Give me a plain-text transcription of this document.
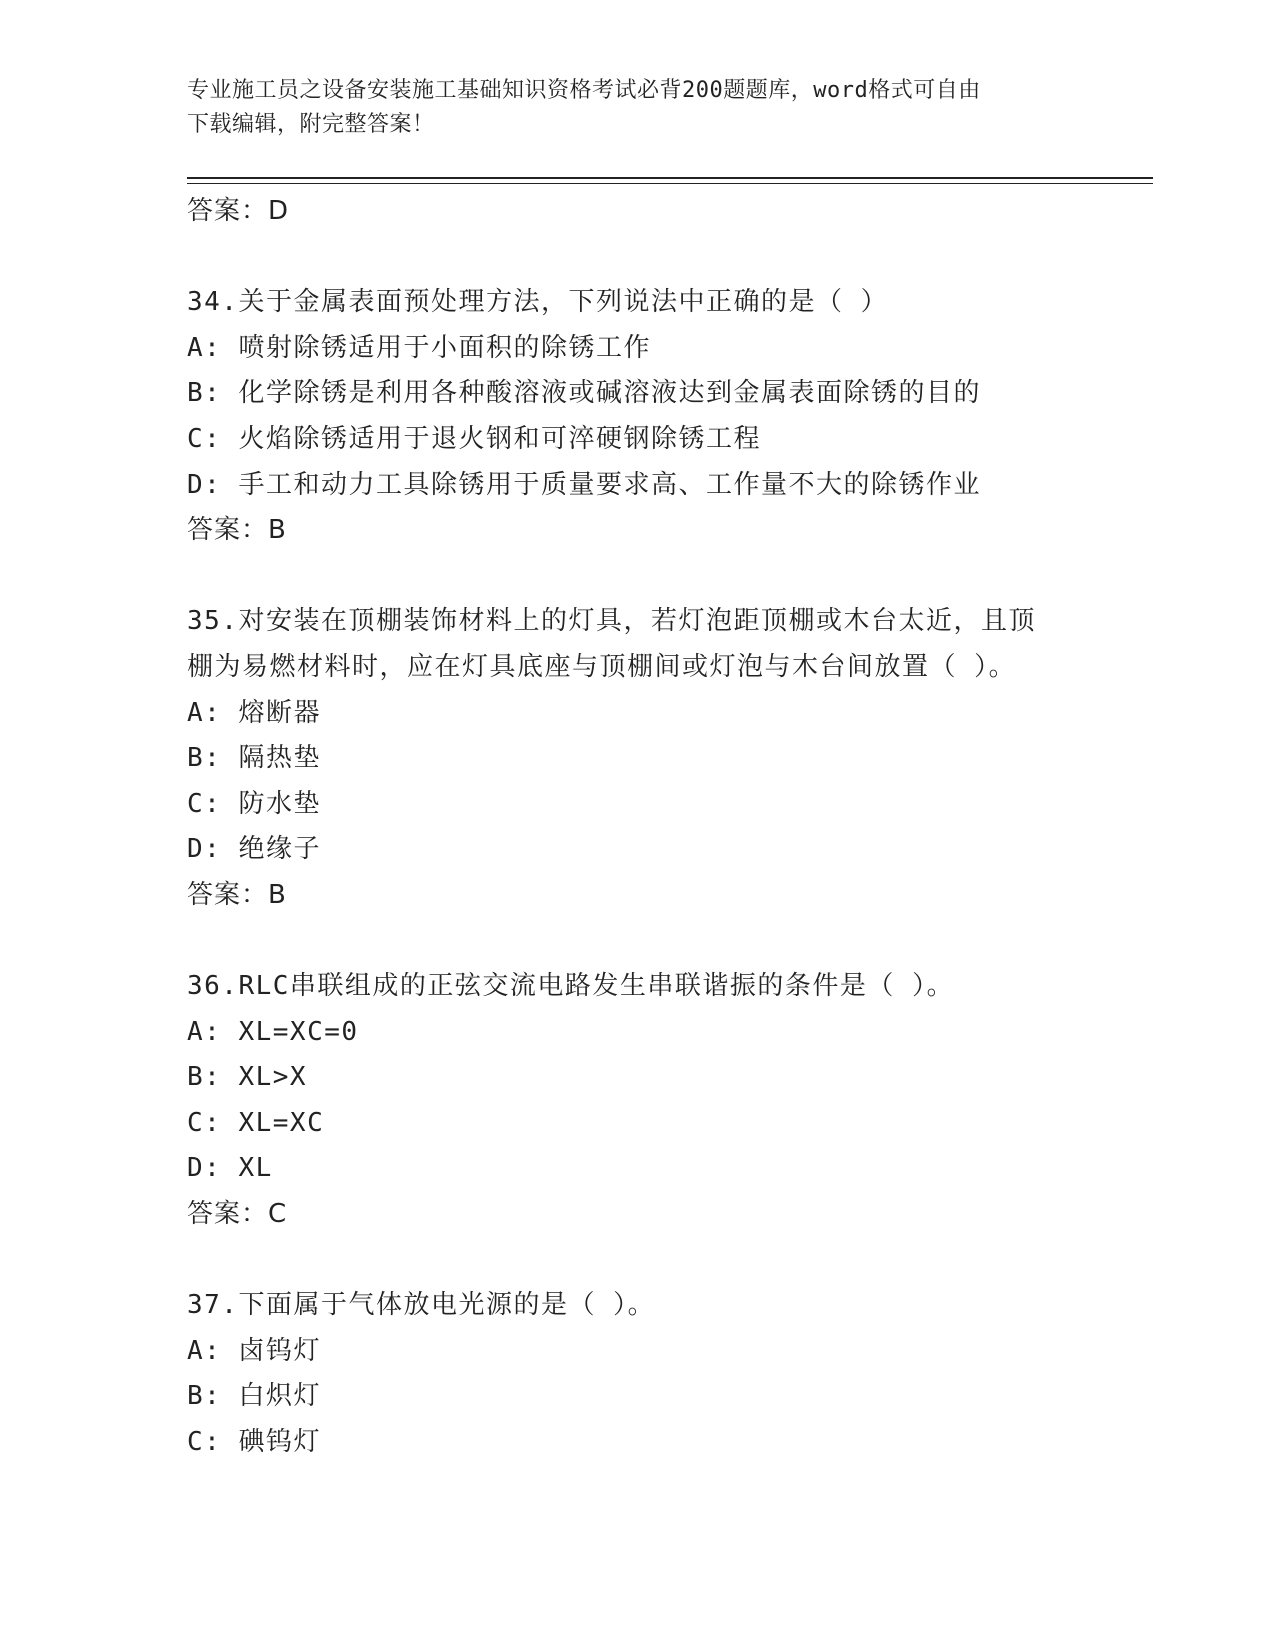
专业施工员之设备安装施工基础知识资格考试必背200题题库，word格式可自由
下载编辑，附完整答案！
答案：D
34.关于金属表面预处理方法，下列说法中正确的是（ ）
A: 喷射除锈适用于小面积的除锈工作
B: 化学除锈是利用各种酸溶液或碱溶液达到金属表面除锈的目的
C: 火焰除锈适用于退火钢和可淬硬钢除锈工程
D: 手工和动力工具除锈用于质量要求高、工作量不大的除锈作业
答案：B
35.对安装在顶棚装饰材料上的灯具，若灯泡距顶棚或木台太近，且顶
棚为易燃材料时，应在灯具底座与顶棚间或灯泡与木台间放置（ ）。
A: 熔断器
B: 隔热垫
C: 防水垫
D: 绝缘子
答案：B
36.RLC串联组成的正弦交流电路发生串联谐振的条件是（ ）。
A: XL=XC=0
B: XL>X
C: XL=XC
D: XL
答案：C
37.下面属于气体放电光源的是（ ）。
A: 卤钨灯
B: 白炽灯
C: 碘钨灯
